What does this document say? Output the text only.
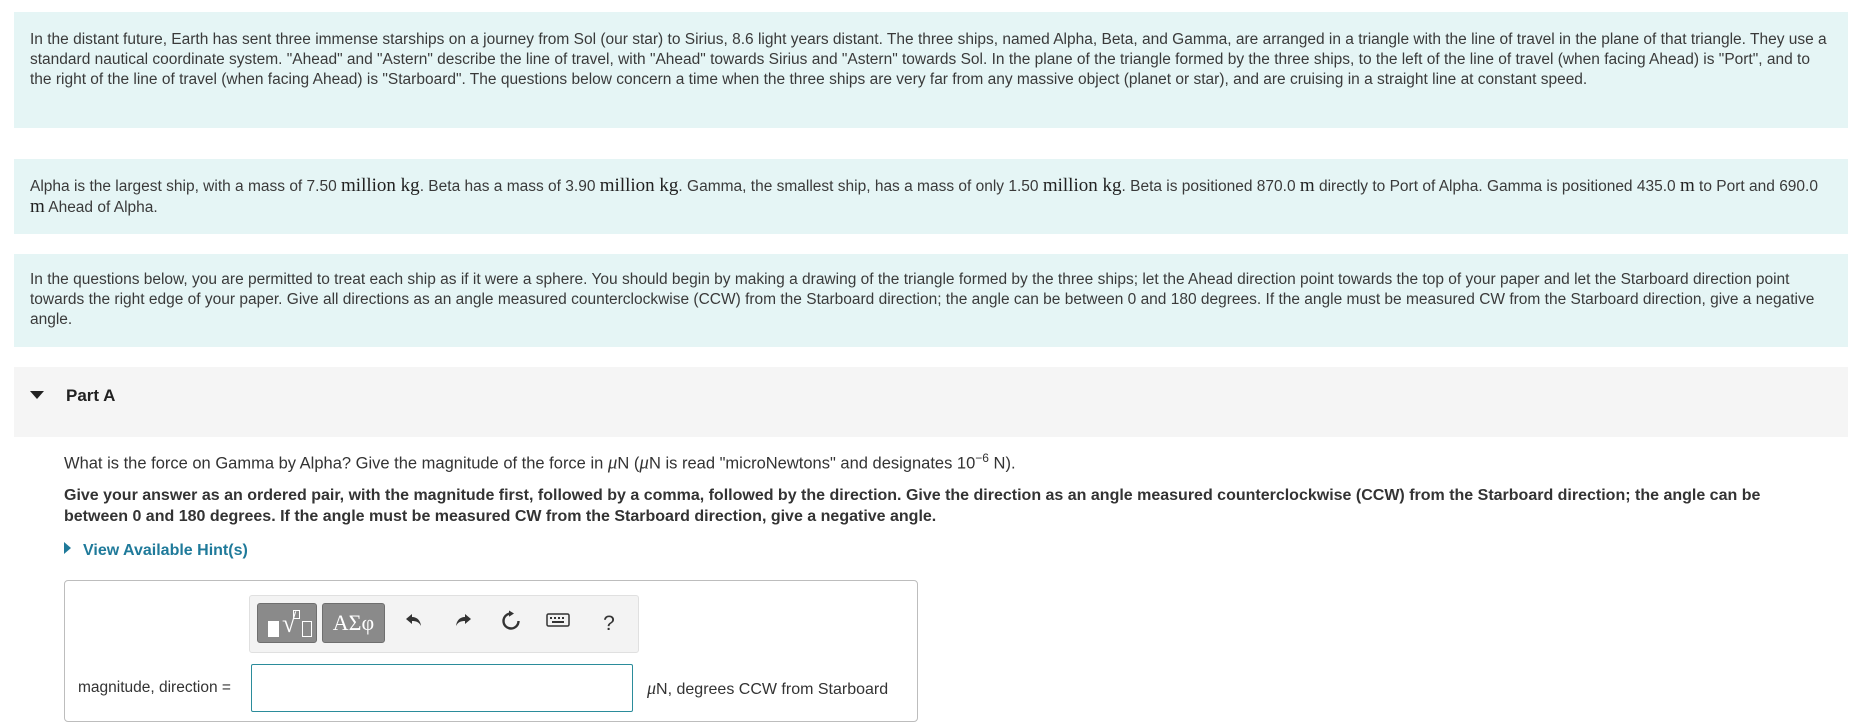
In the distant future, Earth has sent three immense starships on a journey from Sol (our star) to Sirius, 8.6 light years distant. The three ships, named Alpha, Beta, and Gamma, are arranged in a triangle with the line of travel in the plane of that triangle. They use a standard nautical coordinate system. "Ahead" and "Astern" describe the line of travel, with "Ahead" towards Sirius and "Astern" towards Sol. In the plane of the triangle formed by the three ships, to the left of the line of travel (when facing Ahead) is "Port", and to the right of the line of travel (when facing Ahead) is "Starboard". The questions below concern a time when the three ships are very far from any massive object (planet or star), and are cruising in a straight line at constant speed.

Alpha is the largest ship, with a mass of 7.50 million kg. Beta has a mass of 3.90 million kg. Gamma, the smallest ship, has a mass of only 1.50 million kg. Beta is positioned 870.0 m directly to Port of Alpha. Gamma is positioned 435.0 m to Port and 690.0 m Ahead of Alpha.

In the questions below, you are permitted to treat each ship as if it were a sphere. You should begin by making a drawing of the triangle formed by the three ships; let the Ahead direction point towards the top of your paper and let the Starboard direction point towards the right edge of your paper. Give all directions as an angle measured counterclockwise (CCW) from the Starboard direction; the angle can be between 0 and 180 degrees. If the angle must be measured CW from the Starboard direction, give a negative angle.

Part A
What is the force on Gamma by Alpha? Give the magnitude of the force in μN (μN is read "microNewtons" and designates $10^{-6}$ N).
Give your answer as an ordered pair, with the magnitude first, followed by a comma, followed by the direction. Give the direction as an angle measured counterclockwise (CCW) from the Starboard direction; the angle can be between 0 and 180 degrees. If the angle must be measured CW from the Starboard direction, give a negative angle.
View Available Hint(s)
√	ΑΣφ	?
magnitude, direction =	μN, degrees CCW from Starboard
